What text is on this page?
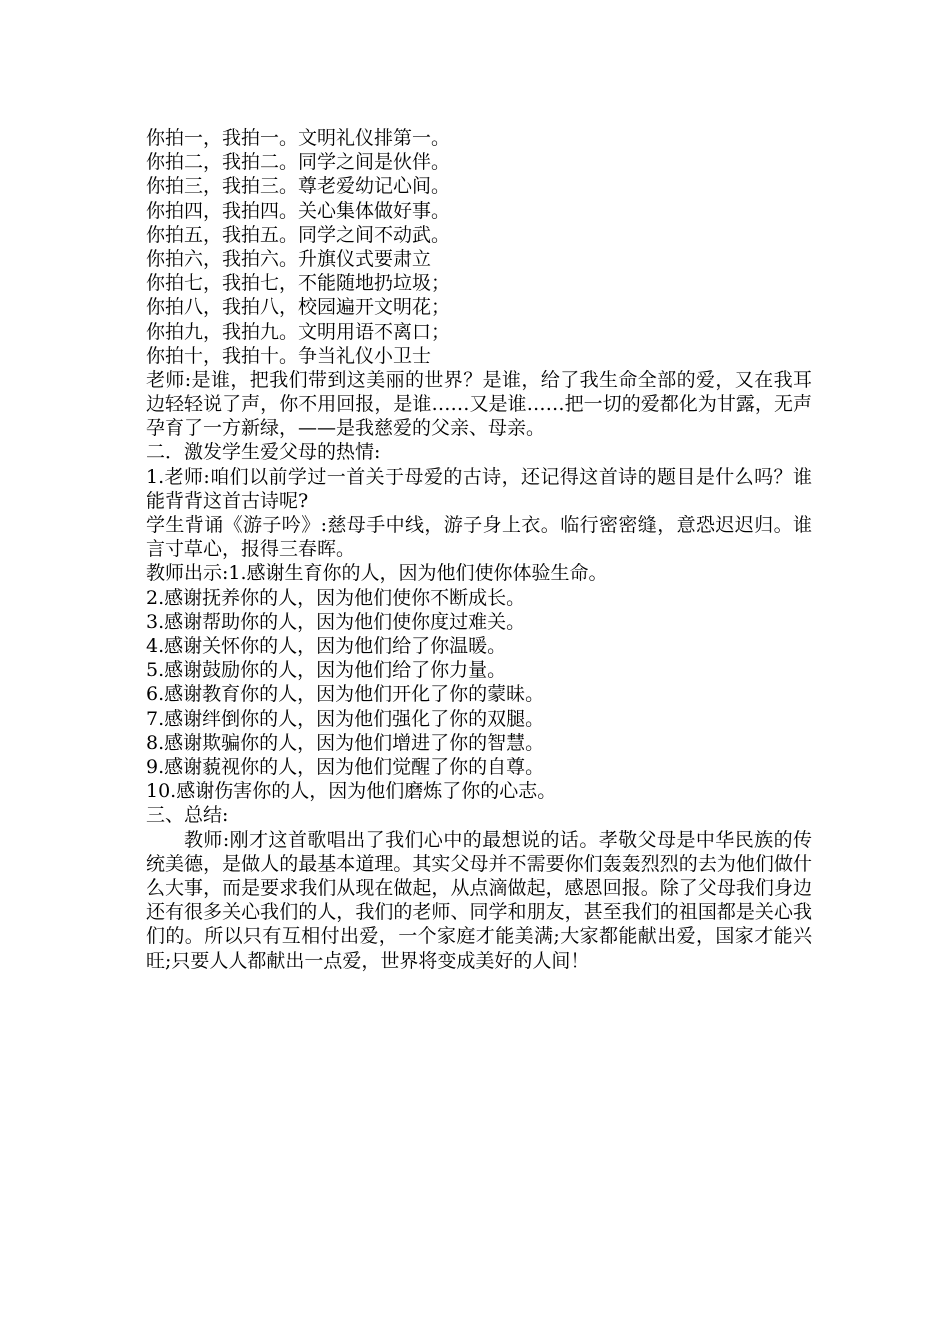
你拍一，我拍一。文明礼仪排第一。
你拍二，我拍二。同学之间是伙伴。
你拍三，我拍三。尊老爱幼记心间。
你拍四，我拍四。关心集体做好事。
你拍五，我拍五。同学之间不动武。
你拍六，我拍六。升旗仪式要肃立
你拍七，我拍七，不能随地扔垃圾；
你拍八，我拍八，校园遍开文明花；
你拍九，我拍九。文明用语不离口；
你拍十，我拍十。争当礼仪小卫士
老师:是谁，把我们带到这美丽的世界？是谁，给了我生命全部的爱，又在我耳边轻轻说了声，你不用回报，是谁……又是谁……把一切的爱都化为甘露，无声孕育了一方新绿，——是我慈爱的父亲、母亲。
二．激发学生爱父母的热情:
1.老师:咱们以前学过一首关于母爱的古诗，还记得这首诗的题目是什么吗？谁能背背这首古诗呢?
学生背诵《游子吟》:慈母手中线，游子身上衣。临行密密缝，意恐迟迟归。谁言寸草心，报得三春晖。
教师出示:1.感谢生育你的人，因为他们使你体验生命。
2.感谢抚养你的人，因为他们使你不断成长。
3.感谢帮助你的人，因为他们使你度过难关。
4.感谢关怀你的人，因为他们给了你温暖。
5.感谢鼓励你的人，因为他们给了你力量。
6.感谢教育你的人，因为他们开化了你的蒙昧。
7.感谢绊倒你的人，因为他们强化了你的双腿。
8.感谢欺骗你的人，因为他们增进了你的智慧。
9.感谢藐视你的人，因为他们觉醒了你的自尊。
10.感谢伤害你的人，因为他们磨炼了你的心志。
三、总结:
教师:刚才这首歌唱出了我们心中的最想说的话。孝敬父母是中华民族的传统美德，是做人的最基本道理。其实父母并不需要你们轰轰烈烈的去为他们做什么大事，而是要求我们从现在做起，从点滴做起，感恩回报。除了父母我们身边还有很多关心我们的人，我们的老师、同学和朋友，甚至我们的祖国都是关心我们的。所以只有互相付出爱，一个家庭才能美满;大家都能献出爱，国家才能兴旺;只要人人都献出一点爱，世界将变成美好的人间！
